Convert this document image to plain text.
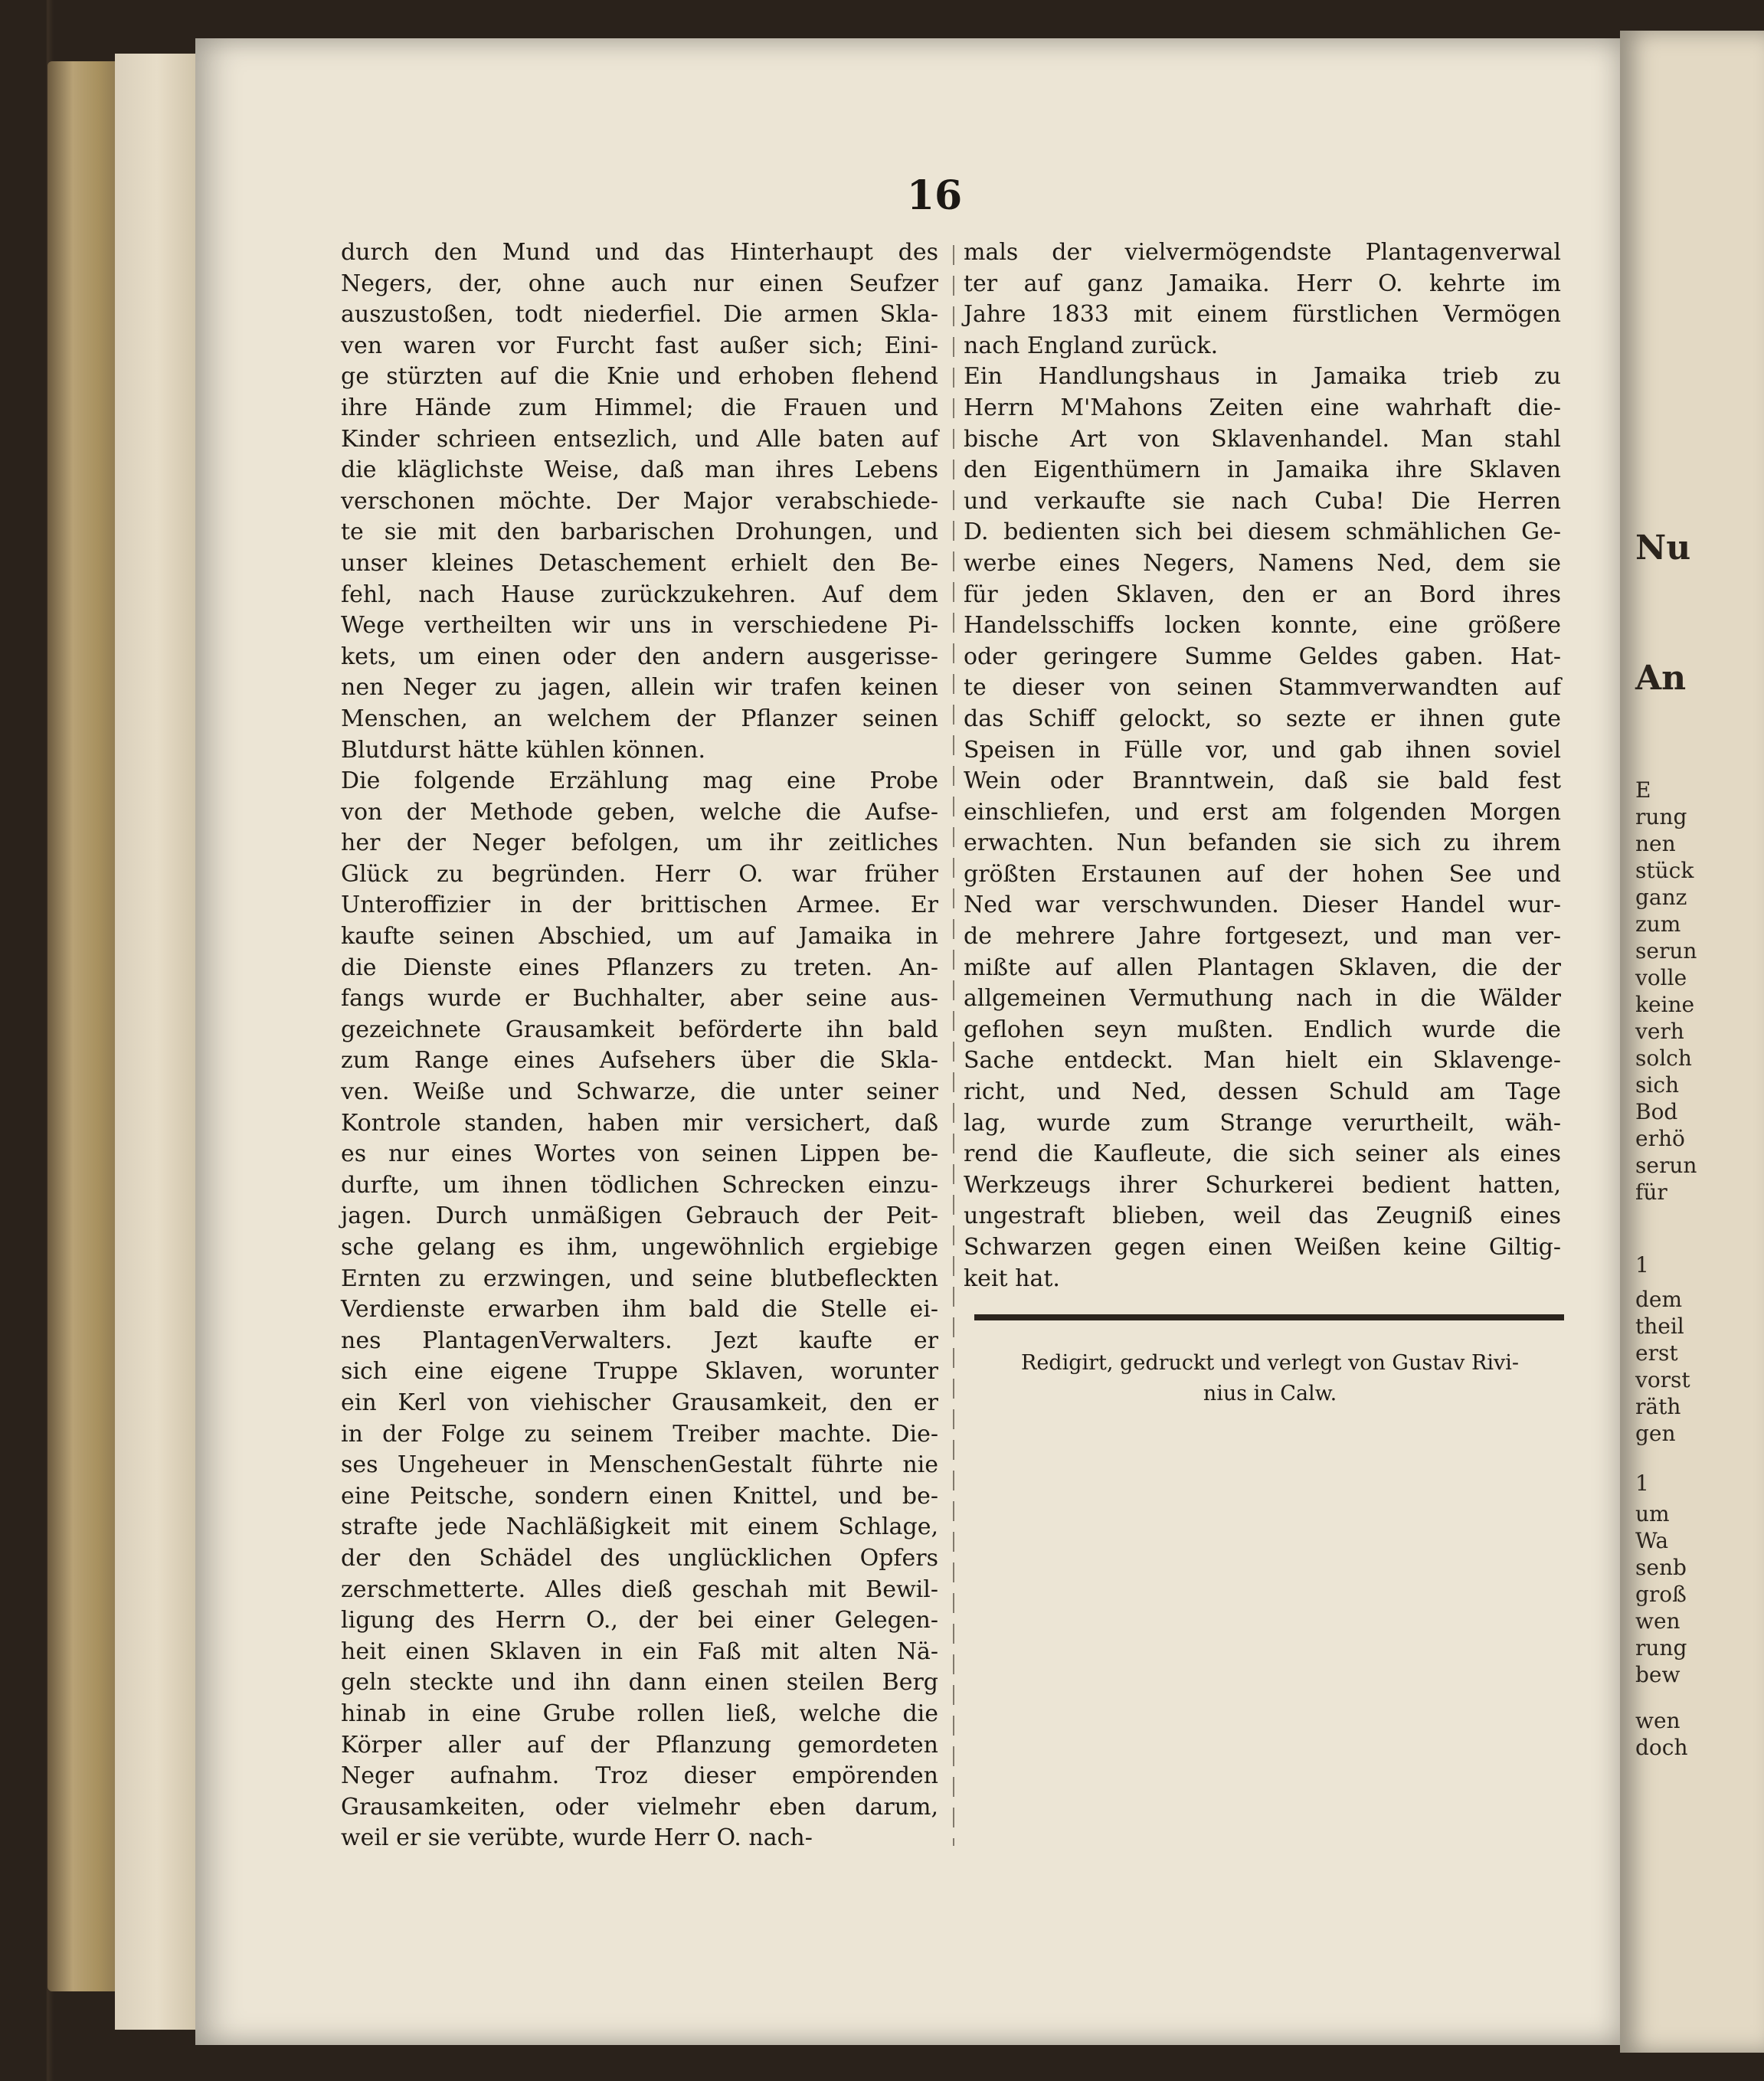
16
durch den Mund und das Hinterhaupt des
Negers, der, ohne auch nur einen Seufzer
auszustoßen, todt niederfiel. Die armen Skla-
ven waren vor Furcht fast außer sich; Eini-
ge stürzten auf die Knie und erhoben flehend
ihre Hände zum Himmel; die Frauen und
Kinder schrieen entsezlich, und Alle baten auf
die kläglichste Weise, daß man ihres Lebens
verschonen möchte. Der Major verabschiede-
te sie mit den barbarischen Drohungen, und
unser kleines Detaschement erhielt den Be-
fehl, nach Hause zurückzukehren. Auf dem
Wege vertheilten wir uns in verschiedene Pi-
kets, um einen oder den andern ausgerisse-
nen Neger zu jagen, allein wir trafen keinen
Menschen, an welchem der Pflanzer seinen
Blutdurst hätte kühlen können.
Die folgende Erzählung mag eine Probe
von der Methode geben, welche die Aufse-
her der Neger befolgen, um ihr zeitliches
Glück zu begründen. Herr O. war früher
Unteroffizier in der brittischen Armee. Er
kaufte seinen Abschied, um auf Jamaika in
die Dienste eines Pflanzers zu treten. An-
fangs wurde er Buchhalter, aber seine aus-
gezeichnete Grausamkeit beförderte ihn bald
zum Range eines Aufsehers über die Skla-
ven. Weiße und Schwarze, die unter seiner
Kontrole standen, haben mir versichert, daß
es nur eines Wortes von seinen Lippen be-
durfte, um ihnen tödlichen Schrecken einzu-
jagen. Durch unmäßigen Gebrauch der Peit-
sche gelang es ihm, ungewöhnlich ergiebige
Ernten zu erzwingen, und seine blutbefleckten
Verdienste erwarben ihm bald die Stelle ei-
nes PlantagenVerwalters. Jezt kaufte er
sich eine eigene Truppe Sklaven, worunter
ein Kerl von viehischer Grausamkeit, den er
in der Folge zu seinem Treiber machte. Die-
ses Ungeheuer in MenschenGestalt führte nie
eine Peitsche, sondern einen Knittel, und be-
strafte jede Nachläßigkeit mit einem Schlage,
der den Schädel des unglücklichen Opfers
zerschmetterte. Alles dieß geschah mit Bewil-
ligung des Herrn O., der bei einer Gelegen-
heit einen Sklaven in ein Faß mit alten Nä-
geln steckte und ihn dann einen steilen Berg
hinab in eine Grube rollen ließ, welche die
Körper aller auf der Pflanzung gemordeten
Neger aufnahm. Troz dieser empörenden
Grausamkeiten, oder vielmehr eben darum,
weil er sie verübte, wurde Herr O. nach-
mals der vielvermögendste Plantagenverwal
ter auf ganz Jamaika. Herr O. kehrte im
Jahre 1833 mit einem fürstlichen Vermögen
nach England zurück.
Ein Handlungshaus in Jamaika trieb zu
Herrn M'Mahons Zeiten eine wahrhaft die-
bische Art von Sklavenhandel. Man stahl
den Eigenthümern in Jamaika ihre Sklaven
und verkaufte sie nach Cuba! Die Herren
D. bedienten sich bei diesem schmählichen Ge-
werbe eines Negers, Namens Ned, dem sie
für jeden Sklaven, den er an Bord ihres
Handelsschiffs locken konnte, eine größere
oder geringere Summe Geldes gaben. Hat-
te dieser von seinen Stammverwandten auf
das Schiff gelockt, so sezte er ihnen gute
Speisen in Fülle vor, und gab ihnen soviel
Wein oder Branntwein, daß sie bald fest
einschliefen, und erst am folgenden Morgen
erwachten. Nun befanden sie sich zu ihrem
größten Erstaunen auf der hohen See und
Ned war verschwunden. Dieser Handel wur-
de mehrere Jahre fortgesezt, und man ver-
mißte auf allen Plantagen Sklaven, die der
allgemeinen Vermuthung nach in die Wälder
geflohen seyn mußten. Endlich wurde die
Sache entdeckt. Man hielt ein Sklavenge-
richt, und Ned, dessen Schuld am Tage
lag, wurde zum Strange verurtheilt, wäh-
rend die Kaufleute, die sich seiner als eines
Werkzeugs ihrer Schurkerei bedient hatten,
ungestraft blieben, weil das Zeugniß eines
Schwarzen gegen einen Weißen keine Giltig-
keit hat.
Redigirt, gedruckt und verlegt von Gustav Rivi-
nius in Calw.
Nu
An
E
rung
nen
stück
ganz
zum
serun
volle
keine
verh
solch
sich
Bod
erhö
serun
für
1
dem
theil
erst
vorst
räth
gen
1
um
Wa
senb
groß
wen
rung
bew
wen
doch
